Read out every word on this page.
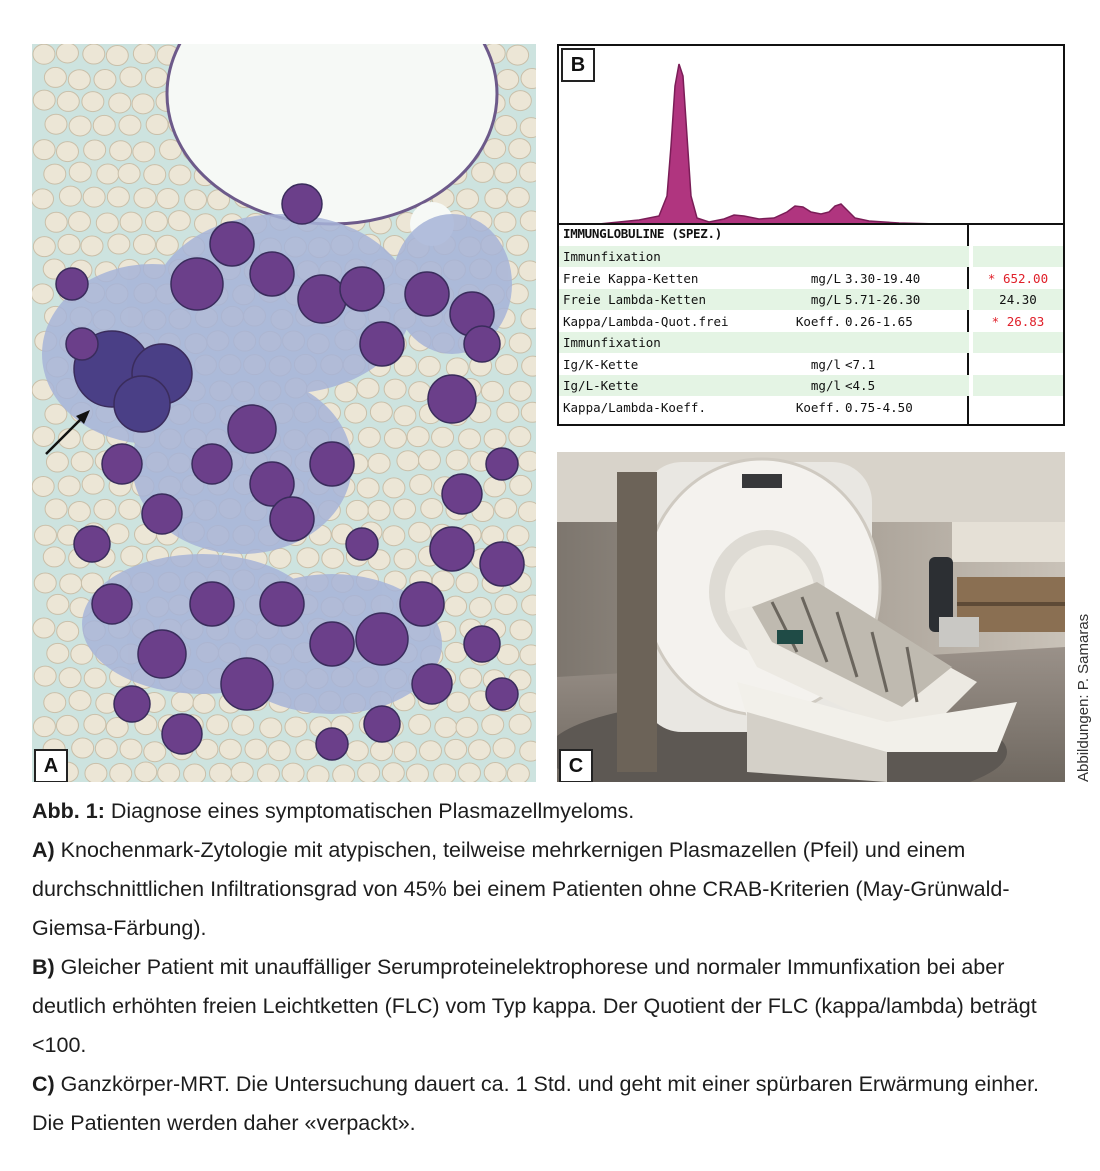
A
B
IMMUNGLOBULINE (SPEZ.)
Immunfixation
Freie Kappa-Ketten	mg/L 3.30-19.40	* 652.00
Freie Lambda-Ketten	mg/L 5.71-26.30	24.30
Kappa/Lambda-Quot.frei	Koeff. 0.26-1.65	* 26.83
Immunfixation
Ig/K-Kette	mg/l <7.1
Ig/L-Kette	mg/l <4.5
Kappa/Lambda-Koeff.	Koeff. 0.75-4.50
C	Abbildungen: P. Samaras

Abb. 1: Diagnose eines symptomatischen Plasmazellmyeloms.

A) Knochenmark-Zytologie mit atypischen, teilweise mehrkernigen Plasmazellen (Pfeil) und einem durchschnittlichen Infiltrationsgrad von 45% bei einem Patienten ohne CRAB-Kriterien (May-Grünwald-Giemsa-Färbung).

B) Gleicher Patient mit unauffälliger Serumproteinelektrophorese und normaler Immunfixation bei aber deutlich erhöhten freien Leichtketten (FLC) vom Typ kappa. Der Quotient der FLC (kappa/lambda) beträgt <100.

C) Ganzkörper-MRT. Die Untersuchung dauert ca. 1 Std. und geht mit einer spürbaren Erwärmung einher. Die Patienten werden daher «verpackt».
